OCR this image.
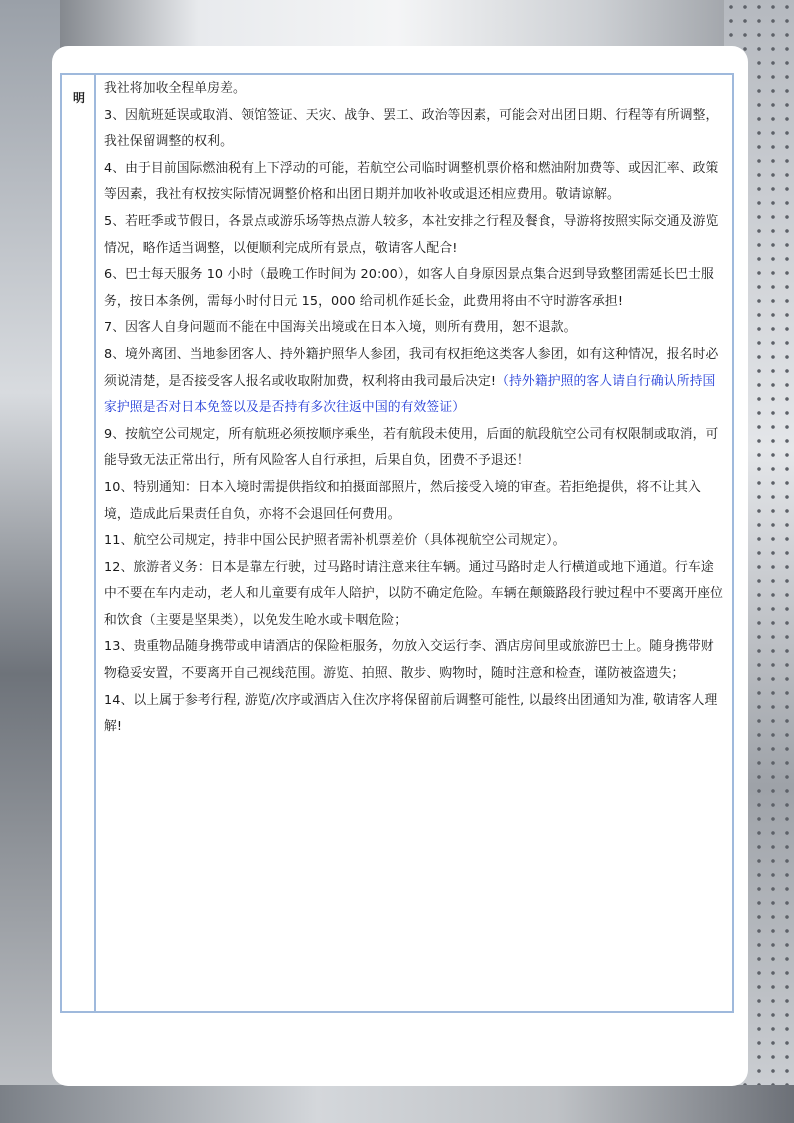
明

我社将加收全程单房差。

3、因航班延误或取消、领馆签证、天灾、战争、罢工、政治等因素，可能会对出团日期、行程等有所调整，我社保留调整的权利。

4、由于目前国际燃油税有上下浮动的可能，若航空公司临时调整机票价格和燃油附加费等、或因汇率、政策等因素，我社有权按实际情况调整价格和出团日期并加收补收或退还相应费用。敬请谅解。

5、若旺季或节假日，各景点或游乐场等热点游人较多，本社安排之行程及餐食，导游将按照实际交通及游览情况，略作适当调整，以便顺利完成所有景点，敬请客人配合!

6、巴士每天服务 10 小时（最晚工作时间为 20:00），如客人自身原因景点集合迟到导致整团需延长巴士服务，按日本条例，需每小时付日元 15，000 给司机作延长金，此费用将由不守时游客承担!

7、因客人自身问题而不能在中国海关出境或在日本入境，则所有费用，恕不退款。

8、境外离团、当地参团客人、持外籍护照华人参团，我司有权拒绝这类客人参团，如有这种情况，报名时必须说清楚，是否接受客人报名或收取附加费，权利将由我司最后决定!（持外籍护照的客人请自行确认所持国家护照是否对日本免签以及是否持有多次往返中国的有效签证）

9、按航空公司规定，所有航班必须按顺序乘坐，若有航段未使用，后面的航段航空公司有权限制或取消，可能导致无法正常出行，所有风险客人自行承担，后果自负，团费不予退还！

10、特别通知：日本入境时需提供指纹和拍摄面部照片，然后接受入境的审查。若拒绝提供，将不让其入境，造成此后果责任自负，亦将不会退回任何费用。

11、航空公司规定，持非中国公民护照者需补机票差价（具体视航空公司规定）。

12、旅游者义务：日本是靠左行驶，过马路时请注意来往车辆。通过马路时走人行横道或地下通道。行车途中不要在车内走动，老人和儿童要有成年人陪护，以防不确定危险。车辆在颠簸路段行驶过程中不要离开座位和饮食（主要是坚果类），以免发生呛水或卡咽危险；

13、贵重物品随身携带或申请酒店的保险柜服务，勿放入交运行李、酒店房间里或旅游巴士上。随身携带财物稳妥安置，不要离开自己视线范围。游览、拍照、散步、购物时，随时注意和检查，谨防被盗遗失；

14、以上属于参考行程, 游览/次序或酒店入住次序将保留前后调整可能性, 以最终出团通知为准, 敬请客人理解!
